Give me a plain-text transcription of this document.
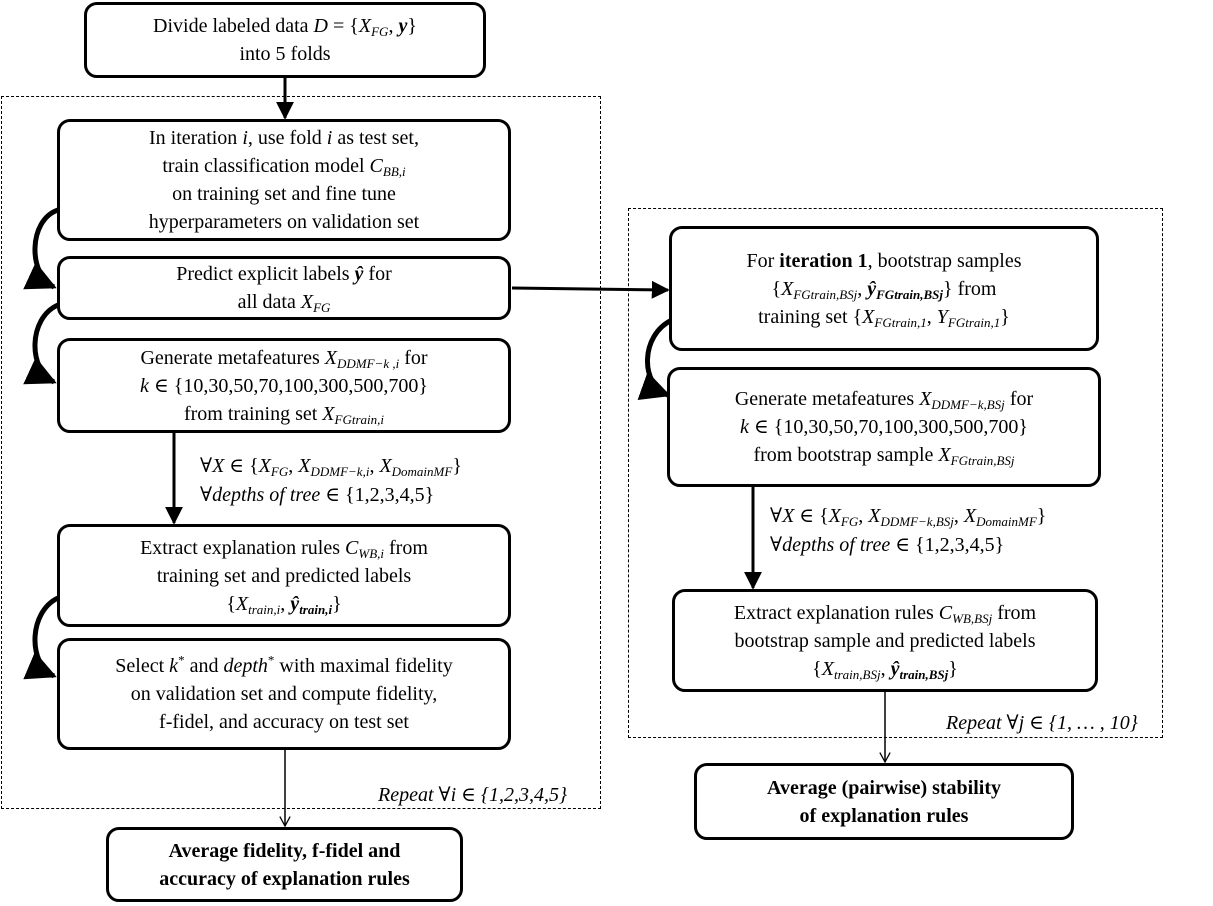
Divide labeled data $D = \{X_{FG}$, y}
into 5 folds
In iteration i, use fold i as test set,
train classification model $C_{BB,i}$
on training set and fine tune
hyperparameters on validation set
Predict explicit labels ŷ for
all data $X_{FG}$
Generate metafeatures $X_{DDMF-k ,i}$ for
k ∈ {10,30,50,70,100,300,500,700}
from training set $X_{FGtrain,i}$
∀X ∈ {$X_{FG}$, $X_{DDMF-k,i}$, $X_{DomainMF}$}
∀depths of tree ∈ {1,2,3,4,5}
Extract explanation rules $C_{WB,i}$ from
training set and predicted labels
{$X_{train,i}$, $ŷ_{train,i}$}
Select k* and depth* with maximal fidelity
on validation set and compute fidelity,
f-fidel, and accuracy on test set
Repeat ∀i ∈ {1,2,3,4,5}
Average fidelity, f-fidel and
accuracy of explanation rules
For iteration 1, bootstrap samples
{$X_{FGtrain,BSj}$, $ŷ_{FGtrain,BSj}$} from
training set {$X_{FGtrain,1}$, $Y_{FGtrain,1}$}
Generate metafeatures $X_{DDMF-k,BSj}$ for
k ∈ {10,30,50,70,100,300,500,700}
from bootstrap sample $X_{FGtrain,BSj}$
∀X ∈ {$X_{FG}$, $X_{DDMF-k,BSj}$, $X_{DomainMF}$}
∀depths of tree ∈ {1,2,3,4,5}
Extract explanation rules $C_{WB,BSj}$ from
bootstrap sample and predicted labels
{$X_{train,BSj}$, $ŷ_{train,BSj}$}
Repeat ∀j ∈ {1, … , 10}
Average (pairwise) stability
of explanation rules
